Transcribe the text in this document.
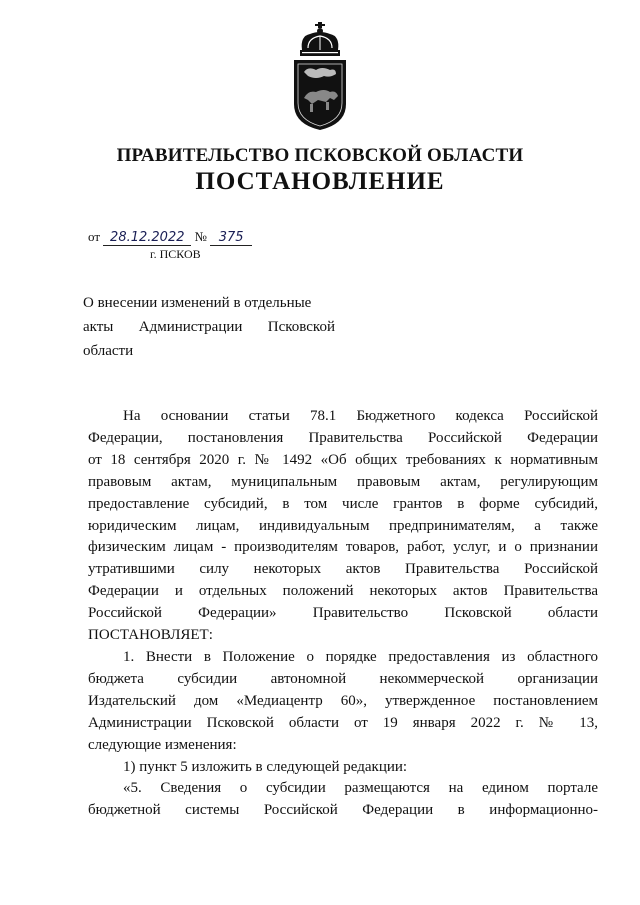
ПРАВИТЕЛЬСТВО ПСКОВСКОЙ ОБЛАСТИ
ПОСТАНОВЛЕНИЕ
от 28.12.2022 № 375
г. ПСКОВ
О внесении изменений в отдельные
акты Администрации Псковской
области
На основании статьи 78.1 Бюджетного кодекса Российской
Федерации, постановления Правительства Российской Федерации
от 18 сентября 2020 г. № 1492 «Об общих требованиях к нормативным
правовым актам, муниципальным правовым актам, регулирующим
предоставление субсидий, в том числе грантов в форме субсидий,
юридическим лицам, индивидуальным предпринимателям, а также
физическим лицам - производителям товаров, работ, услуг, и о признании
утратившими силу некоторых актов Правительства Российской
Федерации и отдельных положений некоторых актов Правительства
Российской Федерации» Правительство Псковской области
ПОСТАНОВЛЯЕТ:
1. Внести в Положение о порядке предоставления из областного
бюджета субсидии автономной некоммерческой организации
Издательский дом «Медиацентр 60», утвержденное постановлением
Администрации Псковской области от 19 января 2022 г. № 13,
следующие изменения:
1) пункт 5 изложить в следующей редакции:
«5. Сведения о субсидии размещаются на едином портале
бюджетной системы Российской Федерации в информационно-
